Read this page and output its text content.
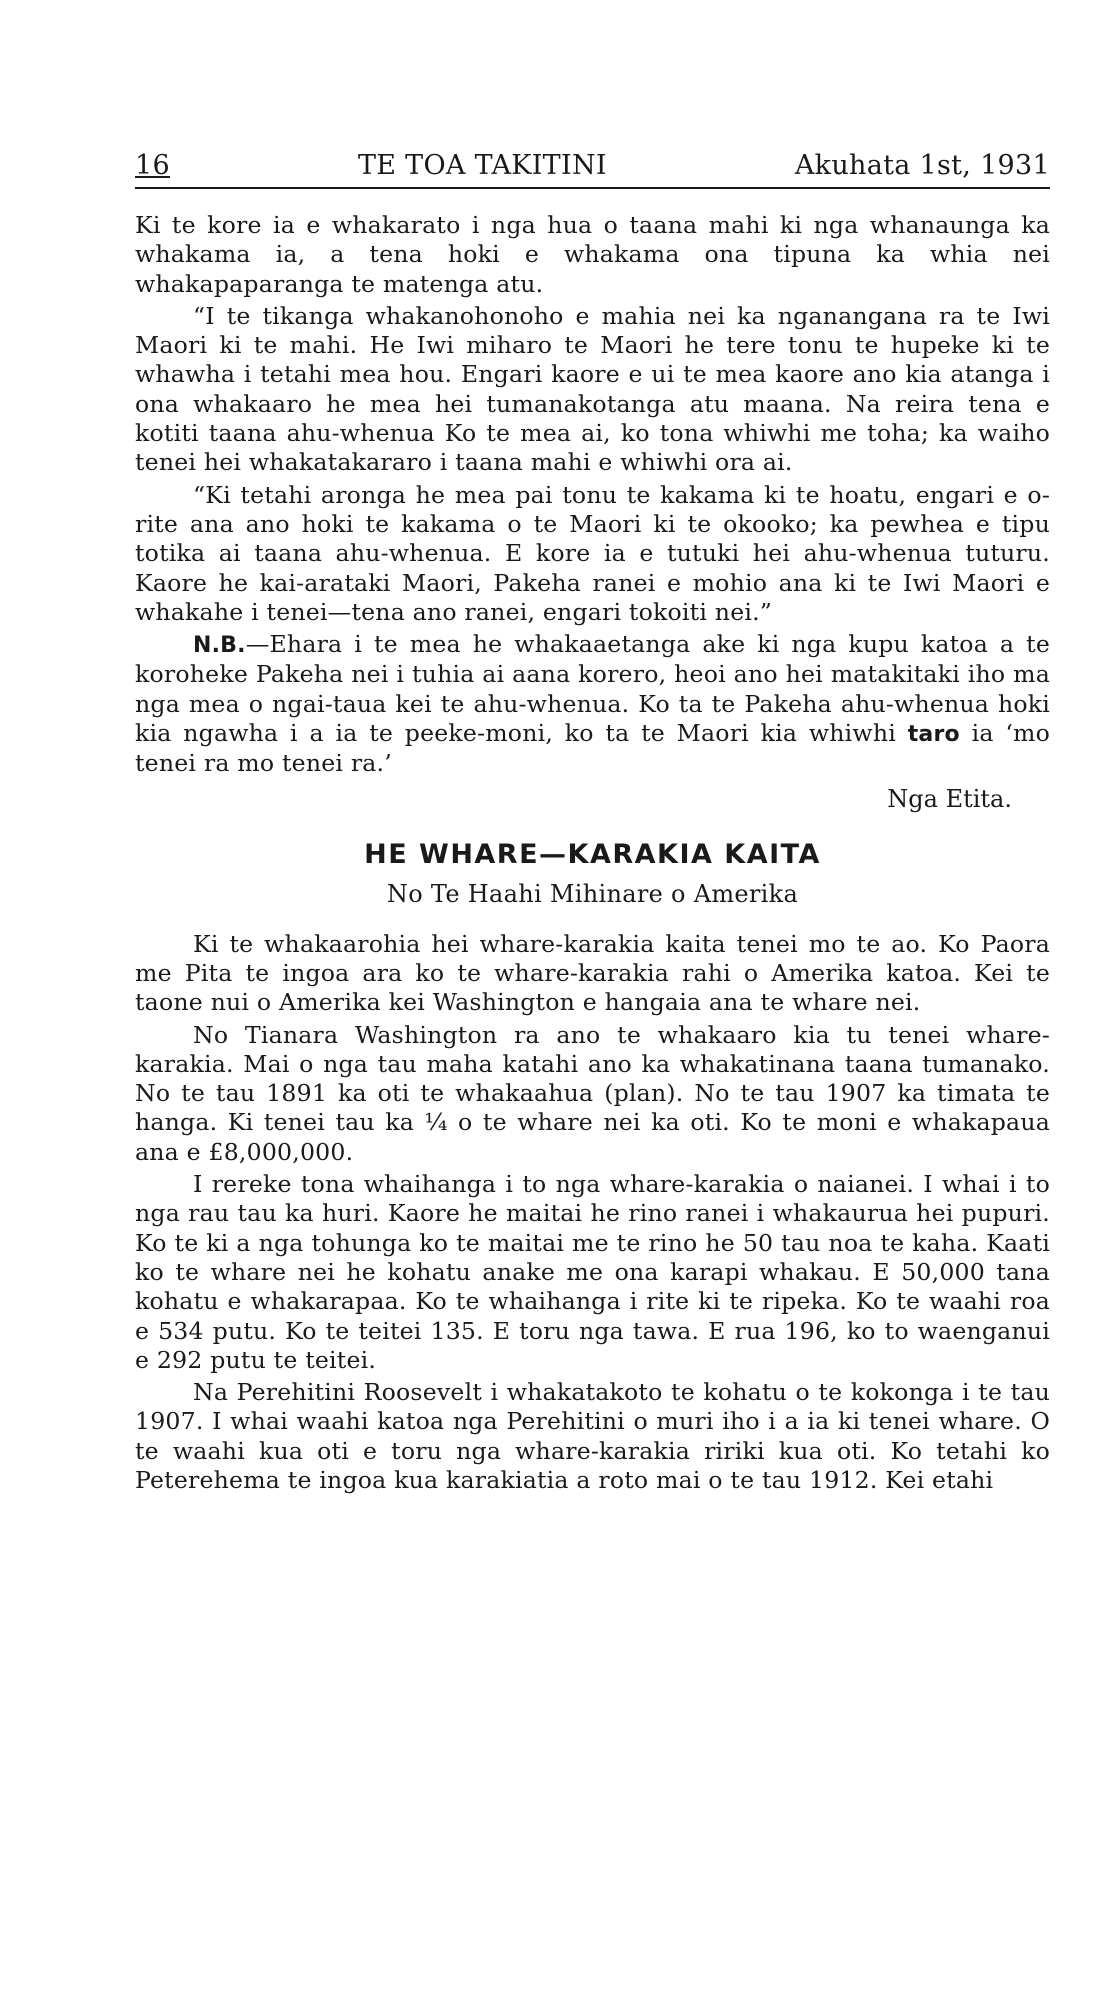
16	TE TOA TAKITINI	Akuhata 1st, 1931

Ki te kore ia e whakarato i nga hua o taana mahi ki nga whanaunga ka whakama ia, a tena hoki e whakama ona tipuna ka whia nei whakapaparanga te matenga atu.

“I te tikanga whakanohonoho e mahia nei ka nganangana ra te Iwi Maori ki te mahi. He Iwi miharo te Maori he tere tonu te hupeke ki te whawha i tetahi mea hou. Engari kaore e ui te mea kaore ano kia atanga i ona whakaaro he mea hei tumanakotanga atu maana. Na reira tena e kotiti taana ahu-whenua Ko te mea ai, ko tona whiwhi me toha; ka waiho tenei hei whakatakararo i taana mahi e whiwhi ora ai.

“Ki tetahi aronga he mea pai tonu te kakama ki te hoatu, engari e o-rite ana ano hoki te kakama o te Maori ki te okooko; ka pewhea e tipu totika ai taana ahu-whenua. E kore ia e tutuki hei ahu-whenua tuturu. Kaore he kai-arataki Maori, Pakeha ranei e mohio ana ki te Iwi Maori e whakahe i tenei—tena ano ranei, engari tokoiti nei.”

N.B.—Ehara i te mea he whakaaetanga ake ki nga kupu katoa a te koroheke Pakeha nei i tuhia ai aana korero, heoi ano hei matakitaki iho ma nga mea o ngai-taua kei te ahu-whenua. Ko ta te Pakeha ahu-whenua hoki kia ngawha i a ia te peeke-moni, ko ta te Maori kia whiwhi taro ia ‘mo tenei ra mo tenei ra.’

Nga Etita.
HE WHARE—KARAKIA KAITA
No Te Haahi Mihinare o Amerika

Ki te whakaarohia hei whare-karakia kaita tenei mo te ao. Ko Paora me Pita te ingoa ara ko te whare-karakia rahi o Amerika katoa. Kei te taone nui o Amerika kei Washington e hangaia ana te whare nei.

No Tianara Washington ra ano te whakaaro kia tu tenei whare-karakia. Mai o nga tau maha katahi ano ka whakatinana taana tumanako. No te tau 1891 ka oti te whakaahua (plan). No te tau 1907 ka timata te hanga. Ki tenei tau ka ¼ o te whare nei ka oti. Ko te moni e whakapaua ana e £8,000,000.

I rereke tona whaihanga i to nga whare-karakia o naianei. I whai i to nga rau tau ka huri. Kaore he maitai he rino ranei i whakaurua hei pupuri. Ko te ki a nga tohunga ko te maitai me te rino he 50 tau noa te kaha. Kaati ko te whare nei he kohatu anake me ona karapi whakau. E 50,000 tana kohatu e whakarapaa. Ko te whaihanga i rite ki te ripeka. Ko te waahi roa e 534 putu. Ko te teitei 135. E toru nga tawa. E rua 196, ko to waenganui e 292 putu te teitei.

Na Perehitini Roosevelt i whakatakoto te kohatu o te kokonga i te tau 1907. I whai waahi katoa nga Perehitini o muri iho i a ia ki tenei whare. O te waahi kua oti e toru nga whare-karakia ririki kua oti. Ko tetahi ko Peterehema te ingoa kua karakiatia a roto mai o te tau 1912. Kei etahi
